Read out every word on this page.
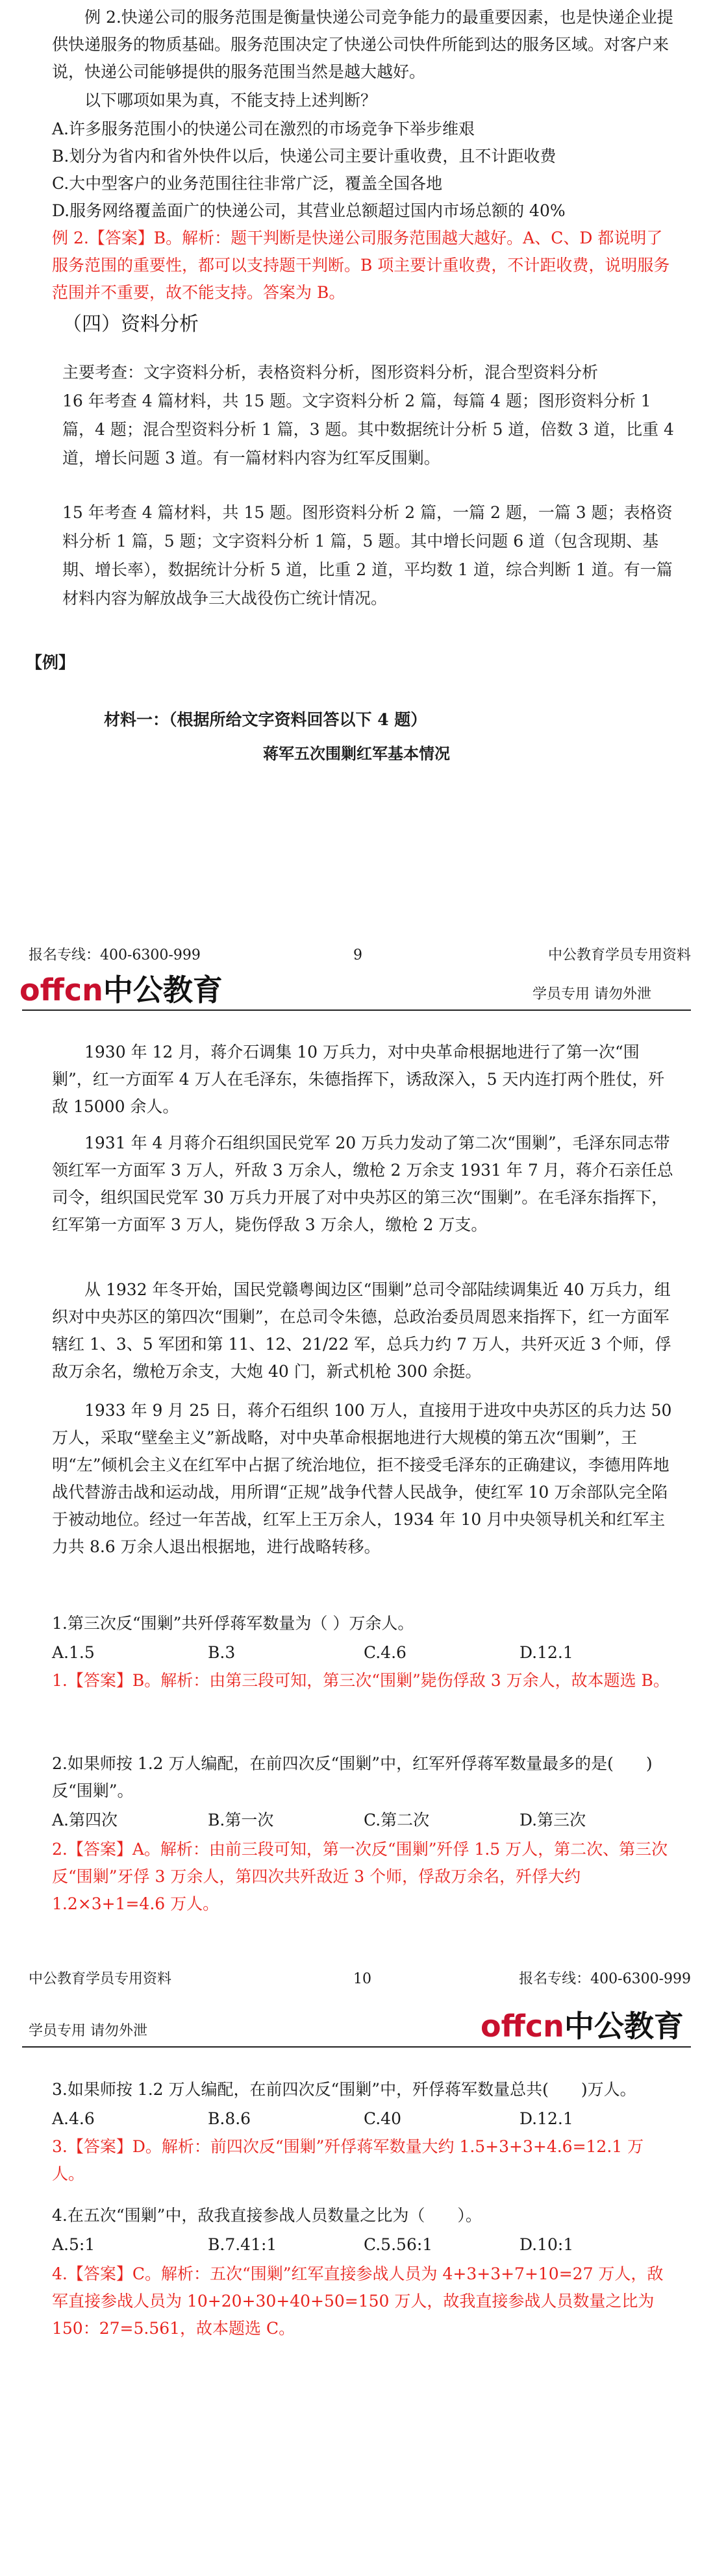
例 2.快递公司的服务范围是衡量快递公司竞争能力的最重要因素，也是快递企业提供快递服务的物质基础。服务范围决定了快递公司快件所能到达的服务区域。对客户来说，快递公司能够提供的服务范围当然是越大越好。
以下哪项如果为真，不能支持上述判断？
A.许多服务范围小的快递公司在激烈的市场竞争下举步维艰
B.划分为省内和省外快件以后，快递公司主要计重收费，且不计距收费
C.大中型客户的业务范围往往非常广泛，覆盖全国各地
D.服务网络覆盖面广的快递公司，其营业总额超过国内市场总额的 40%
例 2.【答案】B。解析：题干判断是快递公司服务范围越大越好。A、C、D 都说明了服务范围的重要性，都可以支持题干判断。B 项主要计重收费，不计距收费，说明服务范围并不重要，故不能支持。答案为 B。
（四）资料分析
主要考查：文字资料分析，表格资料分析，图形资料分析，混合型资料分析
16 年考查 4 篇材料，共 15 题。文字资料分析 2 篇，每篇 4 题；图形资料分析 1 篇，4 题；混合型资料分析 1 篇，3 题。其中数据统计分析 5 道，倍数 3 道，比重 4 道，增长问题 3 道。有一篇材料内容为红军反围剿。
15 年考查 4 篇材料，共 15 题。图形资料分析 2 篇，一篇 2 题，一篇 3 题；表格资料分析 1 篇，5 题；文字资料分析 1 篇，5 题。其中增长问题 6 道（包含现期、基期、增长率），数据统计分析 5 道，比重 2 道，平均数 1 道，综合判断 1 道。有一篇材料内容为解放战争三大战役伤亡统计情况。
【例】
材料一：（根据所给文字资料回答以下 4 题）
蒋军五次围剿红军基本情况
报名专线：400-6300-999	9	中公教育学员专用资料
offcn中公教育	学员专用 请勿外泄
1930 年 12 月，蒋介石调集 10 万兵力，对中央革命根据地进行了第一次“围剿”，红一方面军 4 万人在毛泽东，朱德指挥下，诱敌深入，5 天内连打两个胜仗，歼敌 15000 余人。
1931 年 4 月蒋介石组织国民党军 20 万兵力发动了第二次“围剿”，毛泽东同志带领红军一方面军 3 万人，歼敌 3 万余人，缴枪 2 万余支 1931 年 7 月，蒋介石亲任总司令，组织国民党军 30 万兵力开展了对中央苏区的第三次“围剿”。在毛泽东指挥下，红军第一方面军 3 万人，毙伤俘敌 3 万余人，缴枪 2 万支。
从 1932 年冬开始，国民党赣粤闽边区“围剿”总司令部陆续调集近 40 万兵力，组织对中央苏区的第四次“围剿”，在总司令朱德，总政治委员周恩来指挥下，红一方面军辖红 1、3、5 军团和第 11、12、21/22 军，总兵力约 7 万人，共歼灭近 3 个师，俘敌万余名，缴枪万余支，大炮 40 门，新式机枪 300 余挺。
1933 年 9 月 25 日，蒋介石组织 100 万人，直接用于进攻中央苏区的兵力达 50 万人，采取“壁垒主义”新战略，对中央革命根据地进行大规模的第五次“围剿”，王明“左”倾机会主义在红军中占据了统治地位，拒不接受毛泽东的正确建议，李德用阵地战代替游击战和运动战，用所谓“正规”战争代替人民战争，使红军 10 万余部队完全陷于被动地位。经过一年苦战，红军上王万余人，1934 年 10 月中央领导机关和红军主力共 8.6 万余人退出根据地，进行战略转移。
1.第三次反“围剿”共歼俘蒋军数量为（ ）万余人。
A.1.5	B.3	C.4.6	D.12.1
1.【答案】B。解析：由第三段可知，第三次“围剿”毙伤俘敌 3 万余人，故本题选 B。
2.如果师按 1.2 万人编配，在前四次反“围剿”中，红军歼俘蒋军数量最多的是(　　)反“围剿”。
A.第四次	B.第一次	C.第二次	D.第三次
2.【答案】A。解析：由前三段可知，第一次反“围剿”歼俘 1.5 万人，第二次、第三次反“围剿”牙俘 3 万余人，第四次共歼敌近 3 个师，俘敌万余名，歼俘大约 1.2×3+1=4.6 万人。
中公教育学员专用资料	10	报名专线：400-6300-999
学员专用 请勿外泄	offcn中公教育
3.如果师按 1.2 万人编配，在前四次反“围剿”中，歼俘蒋军数量总共(　　)万人。
A.4.6	B.8.6	C.40	D.12.1
3.【答案】D。解析：前四次反“围剿”歼俘蒋军数量大约 1.5+3+3+4.6=12.1 万人。
4.在五次“围剿”中，敌我直接参战人员数量之比为（　　）。
A.5:1	B.7.41:1	C.5.56:1	D.10:1
4.【答案】C。解析：五次“围剿”红军直接参战人员为 4+3+3+7+10=27 万人，敌军直接参战人员为 10+20+30+40+50=150 万人，故我直接参战人员数量之比为 150：27=5.561，故本题选 C。
